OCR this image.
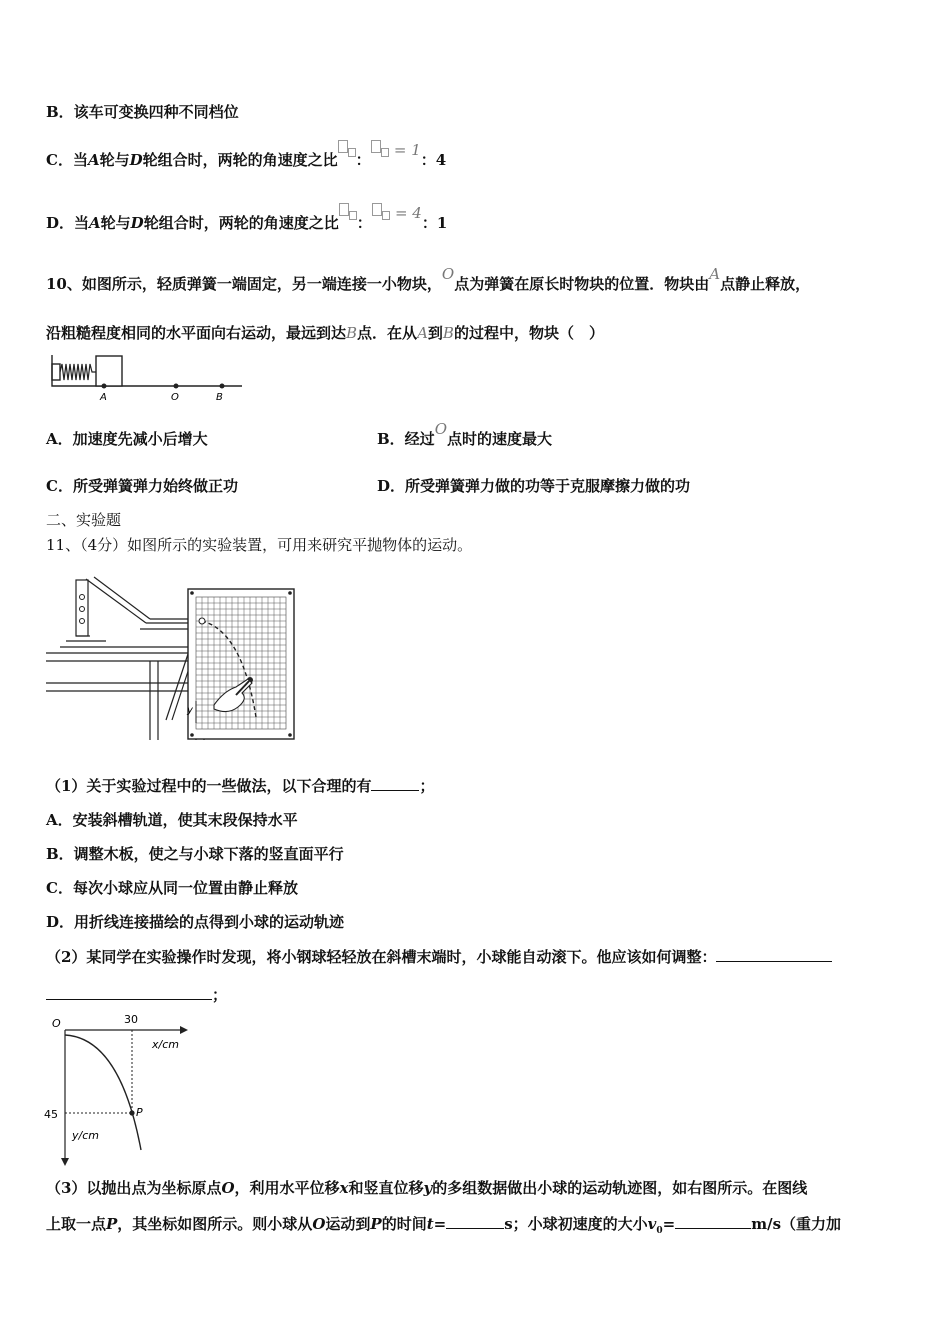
B．该车可变换四种不同档位
C．当A轮与D轮组合时，两轮的角速度之比 ： = 1：4
D．当A轮与D轮组合时，两轮的角速度之比 ： = 4：1
10、如图所示，轻质弹簧一端固定，另一端连接一小物块，O点为弹簧在原长时物块的位置．物块由A点静止释放，
沿粗糙程度相同的水平面向右运动，最远到达B点．在从A到B的过程中，物块（　）
A	O	B
A．加速度先减小后增大	B．经过O点时的速度最大
C．所受弹簧弹力始终做正功	D．所受弹簧弹力做的功等于克服摩擦力做的功
二、实验题
11、（4分）如图所示的实验装置，可用来研究平抛物体的运动。
y
（1）关于实验过程中的一些做法，以下合理的有	；
A．安装斜槽轨道，使其末段保持水平
B．调整木板，使之与小球下落的竖直面平行
C．每次小球应从同一位置由静止释放
D．用折线连接描绘的点得到小球的运动轨迹
（2）某同学在实验操作时发现，将小钢球轻轻放在斜槽末端时，小球能自动滚下。他应该如何调整：
；
O	30
x/cm
45
y/cm
P
（3）以抛出点为坐标原点O，利用水平位移x和竖直位移y的多组数据做出小球的运动轨迹图，如右图所示。在图线
上取一点P，其坐标如图所示。则小球从O运动到P的时间t=	s；小球初速度的大小$v_0=$	m/s（重力加
